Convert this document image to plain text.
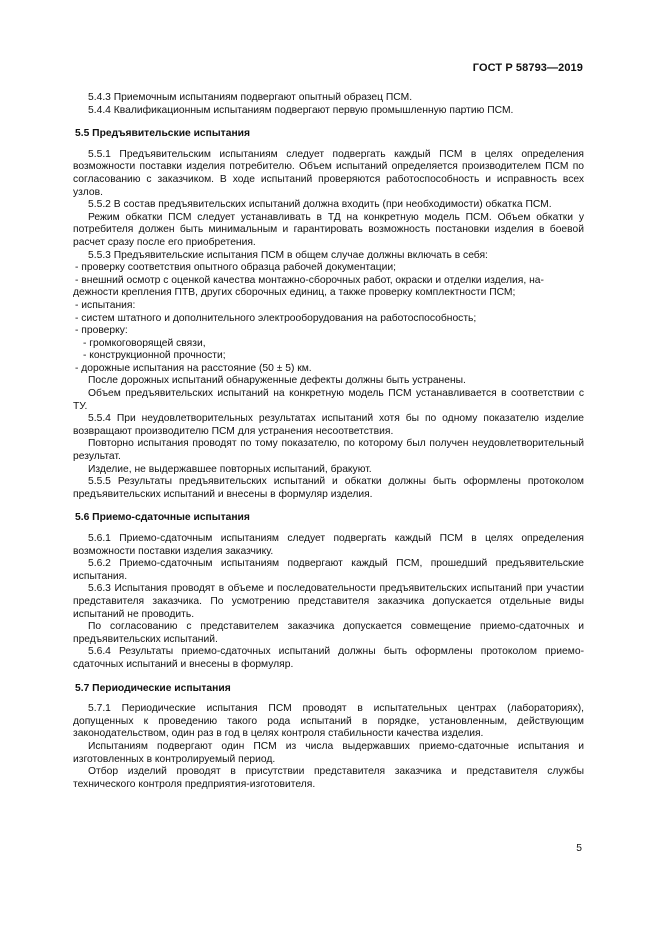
ГОСТ Р 58793—2019

5.4.3 Приемочным испытаниям подвергают опытный образец ПСМ.

5.4.4 Квалификационным испытаниям подвергают первую промышленную партию ПСМ.

5.5 Предъявительские испытания

5.5.1 Предъявительским испытаниям следует подвергать каждый ПСМ в целях определения возможности поставки изделия потребителю. Объем испытаний определяется производителем ПСМ по согласованию с заказчиком. В ходе испытаний проверяются работоспособность и исправность всех узлов.

5.5.2 В состав предъявительских испытаний должна входить (при необходимости) обкатка ПСМ.

Режим обкатки ПСМ следует устанавливать в ТД на конкретную модель ПСМ. Объем обкатки у потребителя должен быть минимальным и гарантировать возможность постановки изделия в боевой расчет сразу после его приобретения.

5.5.3 Предъявительские испытания ПСМ в общем случае должны включать в себя:

- проверку соответствия опытного образца рабочей документации;

- внешний осмотр с оценкой качества монтажно-сборочных работ, окраски и отделки изделия, на-

дежности крепления ПТВ, других сборочных единиц, а также проверку комплектности ПСМ;

- испытания:

- систем штатного и дополнительного электрооборудования на работоспособность;

- проверку:

- громкоговорящей связи,

- конструкционной прочности;

- дорожные испытания на расстояние (50 ± 5) км.

После дорожных испытаний обнаруженные дефекты должны быть устранены.

Объем предъявительских испытаний на конкретную модель ПСМ устанавливается в соответствии с ТУ.

5.5.4 При неудовлетворительных результатах испытаний хотя бы по одному показателю изделие возвращают производителю ПСМ для устранения несоответствия.

Повторно испытания проводят по тому показателю, по которому был получен неудовлетворительный результат.

Изделие, не выдержавшее повторных испытаний, бракуют.

5.5.5 Результаты предъявительских испытаний и обкатки должны быть оформлены протоколом предъявительских испытаний и внесены в формуляр изделия.

5.6 Приемо-сдаточные испытания

5.6.1 Приемо-сдаточным испытаниям следует подвергать каждый ПСМ в целях определения возможности поставки изделия заказчику.

5.6.2 Приемо-сдаточным испытаниям подвергают каждый ПСМ, прошедший предъявительские испытания.

5.6.3 Испытания проводят в объеме и последовательности предъявительских испытаний при участии представителя заказчика. По усмотрению представителя заказчика допускается отдельные виды испытаний не проводить.

По согласованию с представителем заказчика допускается совмещение приемо-сдаточных и предъявительских испытаний.

5.6.4 Результаты приемо-сдаточных испытаний должны быть оформлены протоколом приемо-сдаточных испытаний и внесены в формуляр.

5.7 Периодические испытания

5.7.1 Периодические испытания ПСМ проводят в испытательных центрах (лабораториях), допущенных к проведению такого рода испытаний в порядке, установленным, действующим законодательством, один раз в год в целях контроля стабильности качества изделия.

Испытаниям подвергают один ПСМ из числа выдержавших приемо-сдаточные испытания и изготовленных в контролируемый период.

Отбор изделий проводят в присутствии представителя заказчика и представителя службы технического контроля предприятия-изготовителя.

5
